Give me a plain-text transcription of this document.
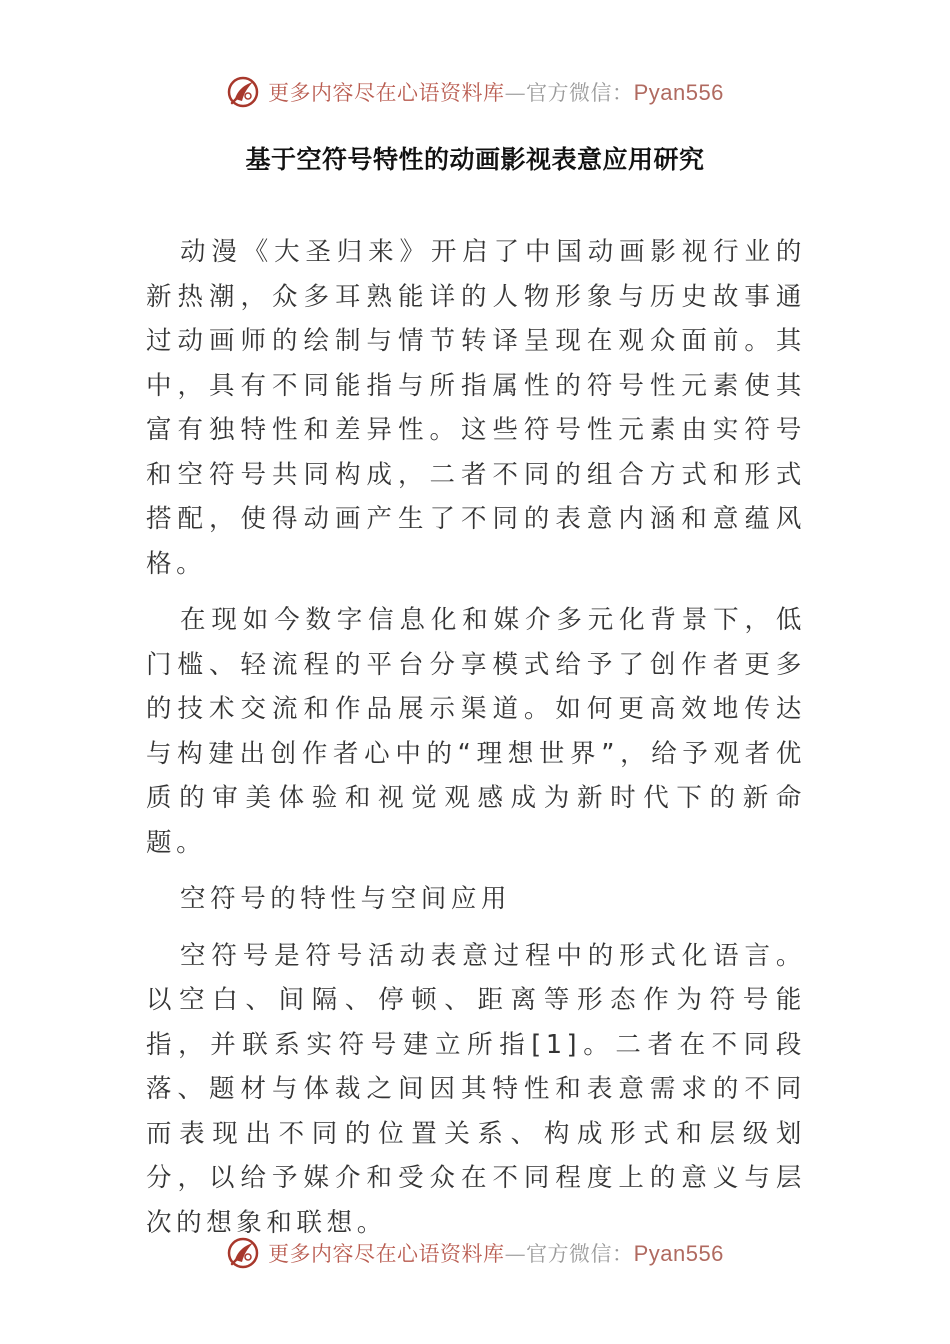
更多内容尽在心语资料库—官方微信：Pyan556
基于空符号特性的动画影视表意应用研究

动漫《大圣归来》开启了中国动画影视行业的新热潮，众多耳熟能详的人物形象与历史故事通过动画师的绘制与情节转译呈现在观众面前。其中，具有不同能指与所指属性的符号性元素使其富有独特性和差异性。这些符号性元素由实符号和空符号共同构成，二者不同的组合方式和形式搭配，使得动画产生了不同的表意内涵和意蕴风格。

在现如今数字信息化和媒介多元化背景下，低门槛、轻流程的平台分享模式给予了创作者更多的技术交流和作品展示渠道。如何更高效地传达与构建出创作者心中的“理想世界”，给予观者优质的审美体验和视觉观感成为新时代下的新命题。

空符号的特性与空间应用

空符号是符号活动表意过程中的形式化语言。以空白、间隔、停顿、距离等形态作为符号能指，并联系实符号建立所指[1]。二者在不同段落、题材与体裁之间因其特性和表意需求的不同而表现出不同的位置关系、构成形式和层级划分，以给予媒介和受众在不同程度上的意义与层次的想象和联想。

更多内容尽在心语资料库—官方微信：Pyan556
